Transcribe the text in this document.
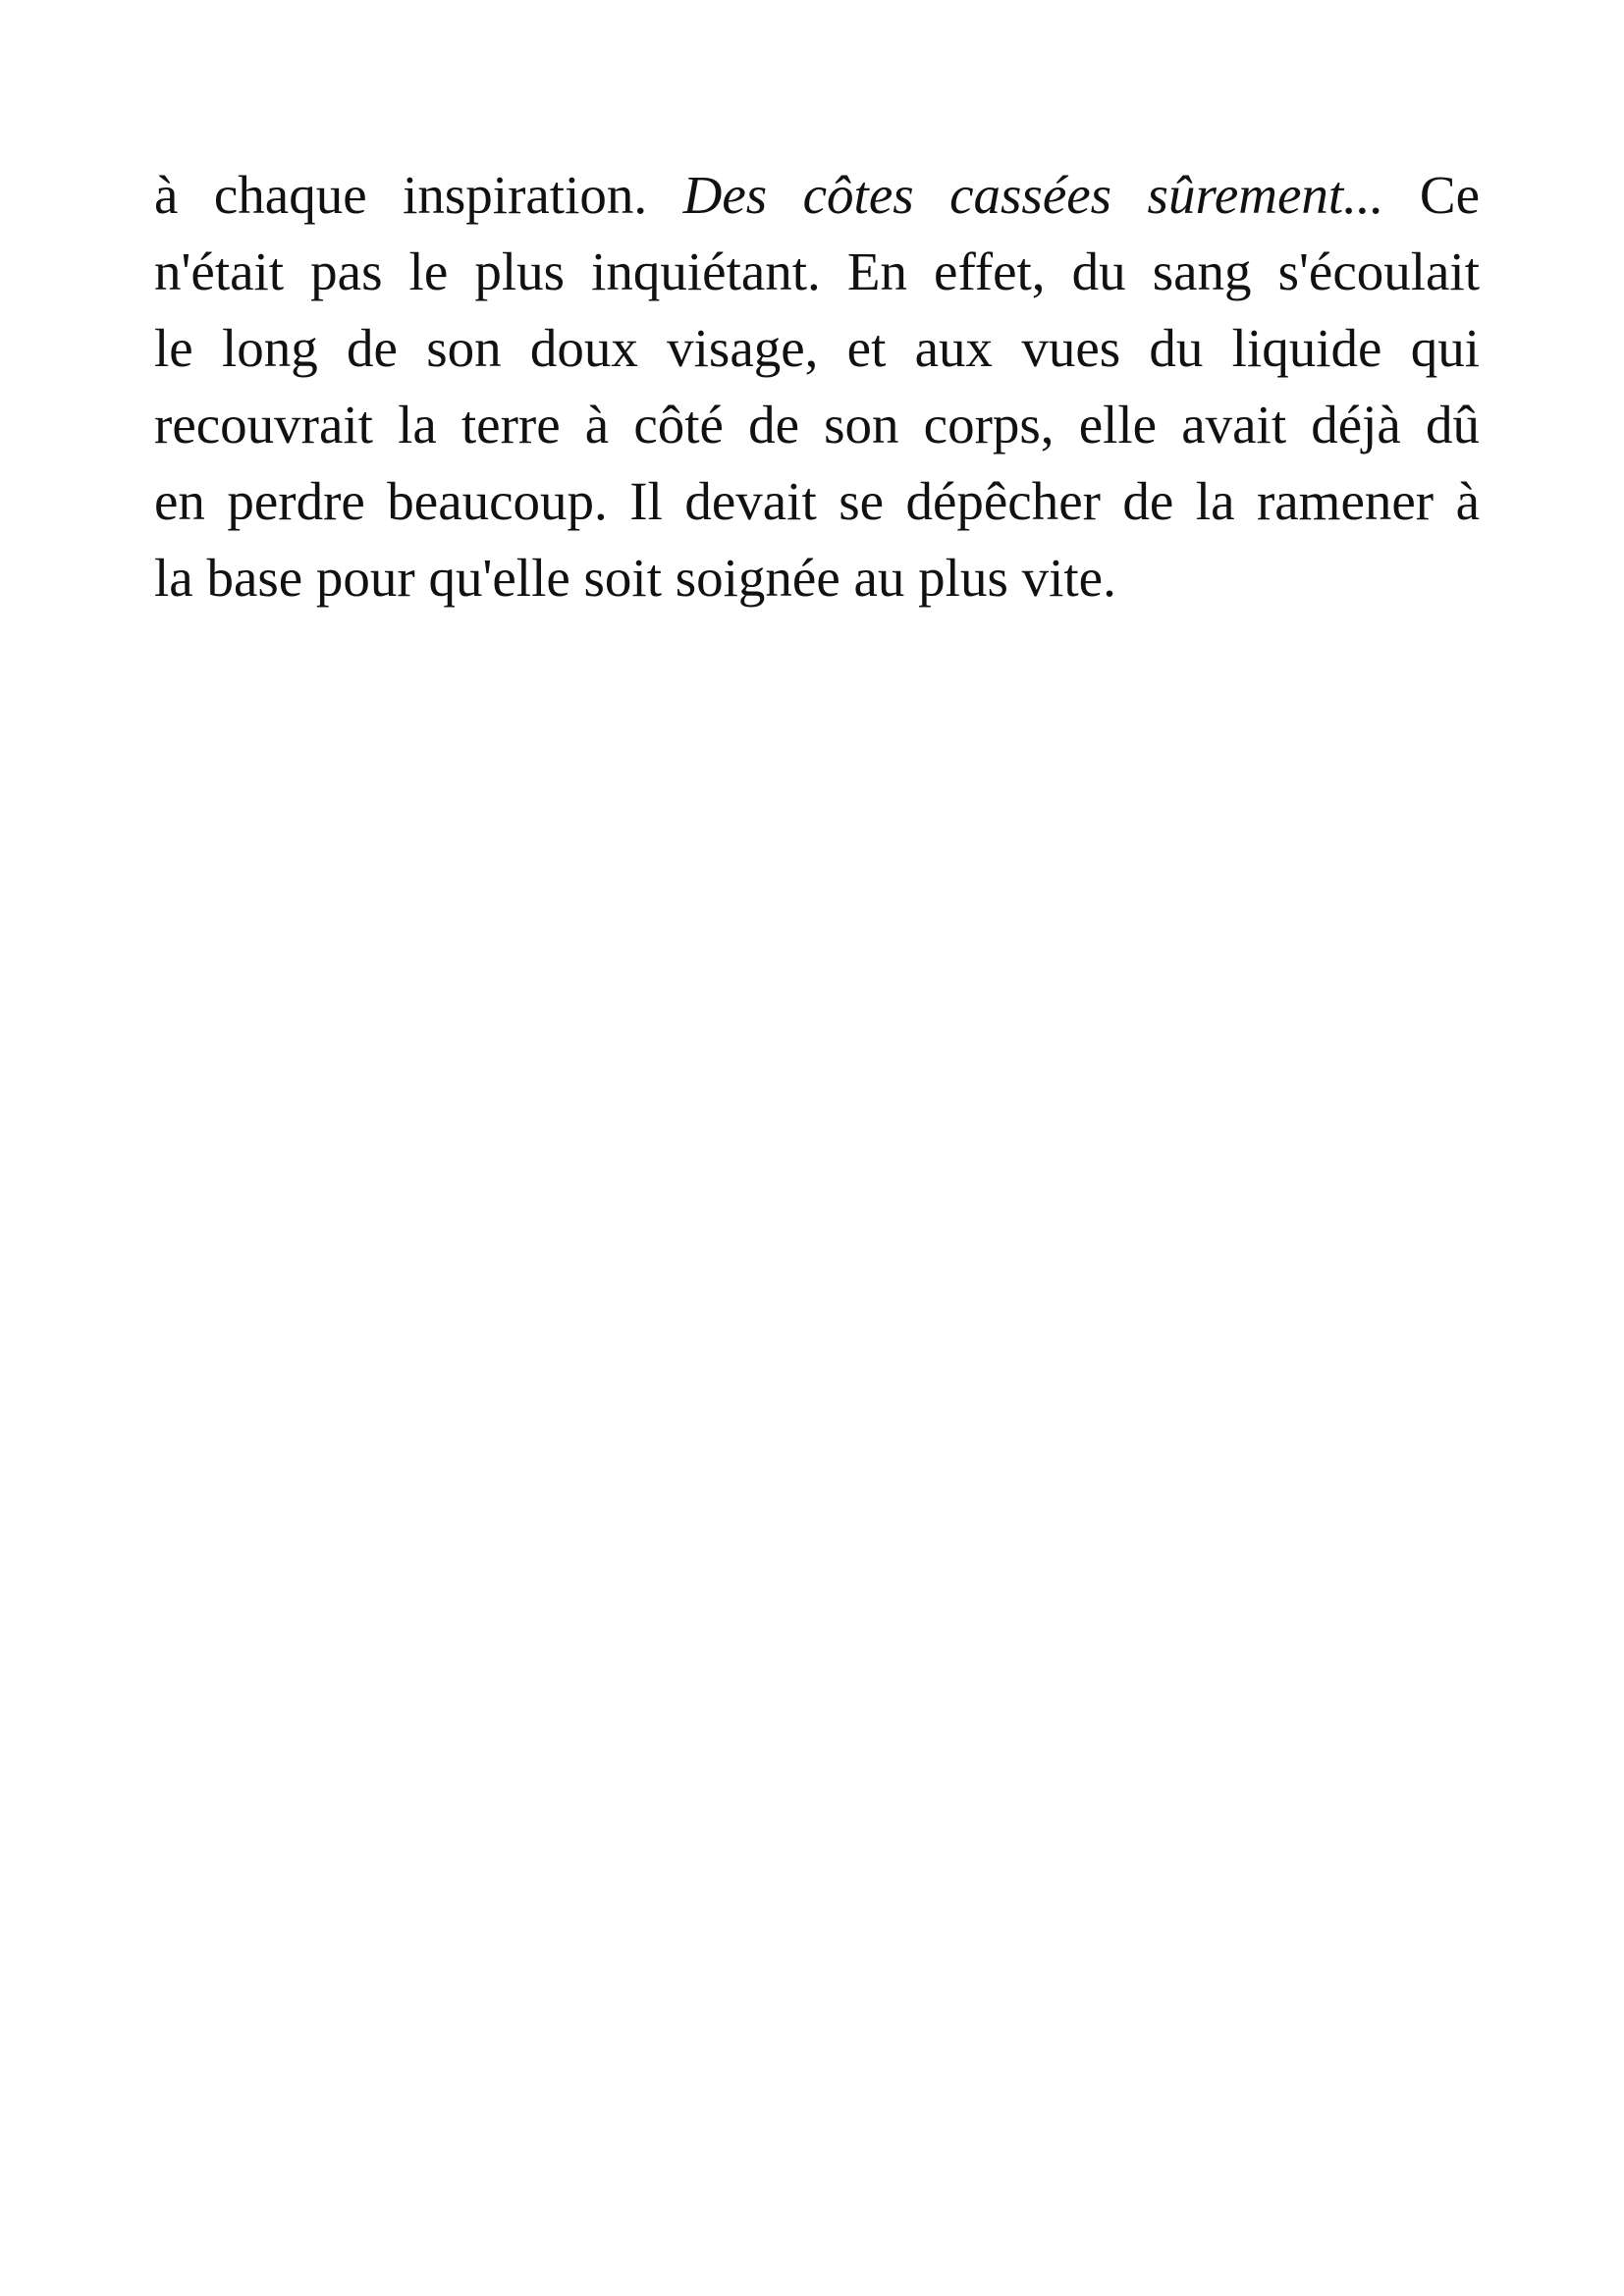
à chaque inspiration. Des côtes cassées sûrement... Ce
n'était pas le plus inquiétant. En effet, du sang s'écoulait
le long de son doux visage, et aux vues du liquide qui
recouvrait la terre à côté de son corps, elle avait déjà dû
en perdre beaucoup. Il devait se dépêcher de la ramener à
la base pour qu'elle soit soignée au plus vite.
